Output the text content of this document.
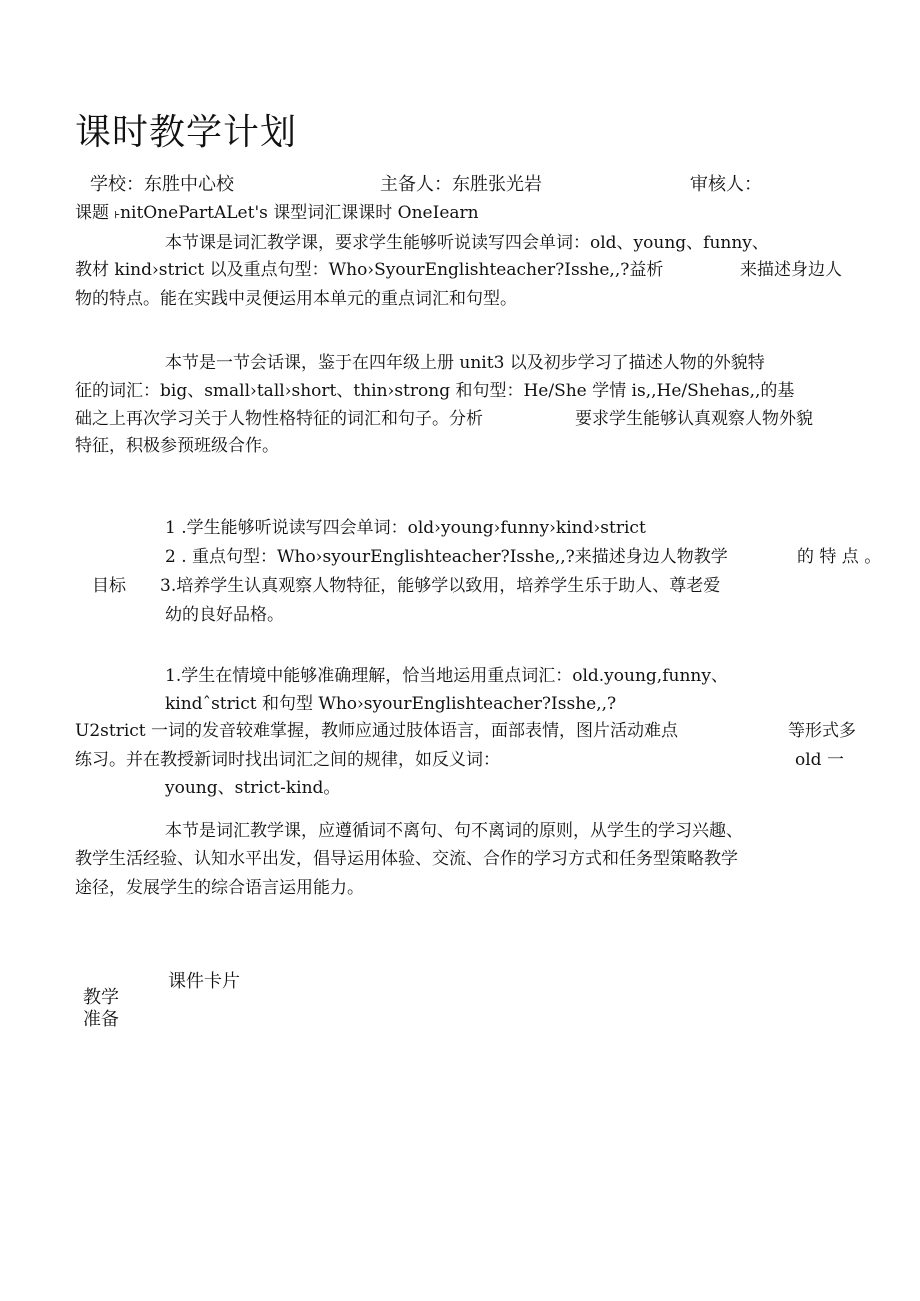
课时教学计划
学校：东胜中心校	主备人：东胜张光岩	审核人：
课题 ˫nitOnePartALet's 课型词汇课课时 OneIearn
本节课是词汇教学课，要求学生能够听说读写四会单词：old、young、funny、
教材 kind›strict 以及重点句型：Who›SyourEnglishteacher?Isshe,,?益析	来描述身边人
物的特点。能在实践中灵便运用本单元的重点词汇和句型。
本节是一节会话课，鉴于在四年级上册 unit3 以及初步学习了描述人物的外貌特
征的词汇：big、small›tall›short、thin›strong 和句型：He/She 学情 is,,He/Shehas,,的基
础之上再次学习关于人物性格特征的词汇和句子。分析	要求学生能够认真观察人物外貌
特征，积极参预班级合作。
1 .学生能够听说读写四会单词：old›young›funny›kind›strict
2 . 重点句型：Who›syourEnglishteacher?Isshe,,?来描述身边人物教学	的 特 点 。
目标 3.培养学生认真观察人物特征，能够学以致用，培养学生乐于助人、尊老爱
幼的良好品格。
1.学生在情境中能够准确理解，恰当地运用重点词汇：old.young,funny、
kindˆstrict 和句型 Who›syourEnglishteacher?Isshe,,?
U2strict 一词的发音较难掌握，教师应通过肢体语言，面部表情，图片活动难点	等形式多
练习。并在教授新词时找出词汇之间的规律，如反义词：	old 一
young、strict-kind。
本节是词汇教学课，应遵循词不离句、句不离词的原则，从学生的学习兴趣、
教学生活经验、认知水平出发，倡导运用体验、交流、合作的学习方式和任务型策略教学
途径，发展学生的综合语言运用能力。
课件卡片
教学
准备
